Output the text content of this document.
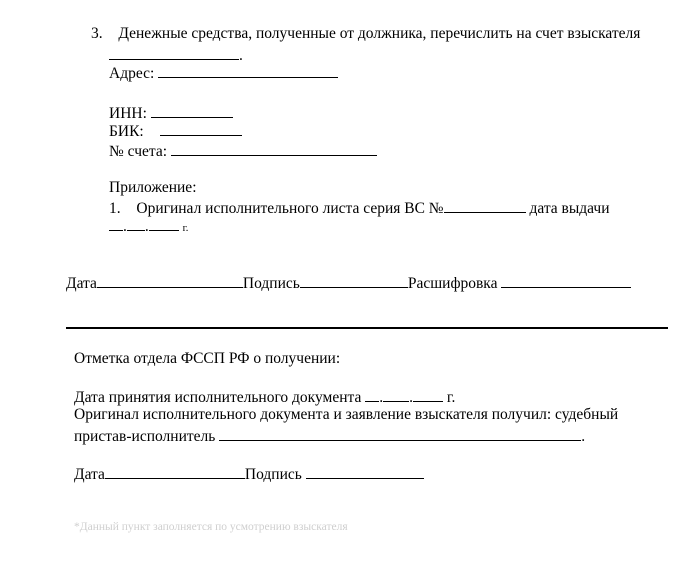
3. Денежные средства, полученные от должника, перечислить на счет взыскателя
.
Адрес:
ИНН:
БИК:
№ счета:
Приложение:
1. Оригинал исполнительного листа серия ВС №	дата выдачи
. .	г.
Дата	Подпись	Расшифровка
Отметка отдела ФССП РФ о получении:
Дата принятия исполнительного документа . . г.
Оригинал исполнительного документа и заявление взыскателя получил: судебный
пристав-исполнитель	.
Дата	Подпись
*Данный пункт заполняется по усмотрению взыскателя
